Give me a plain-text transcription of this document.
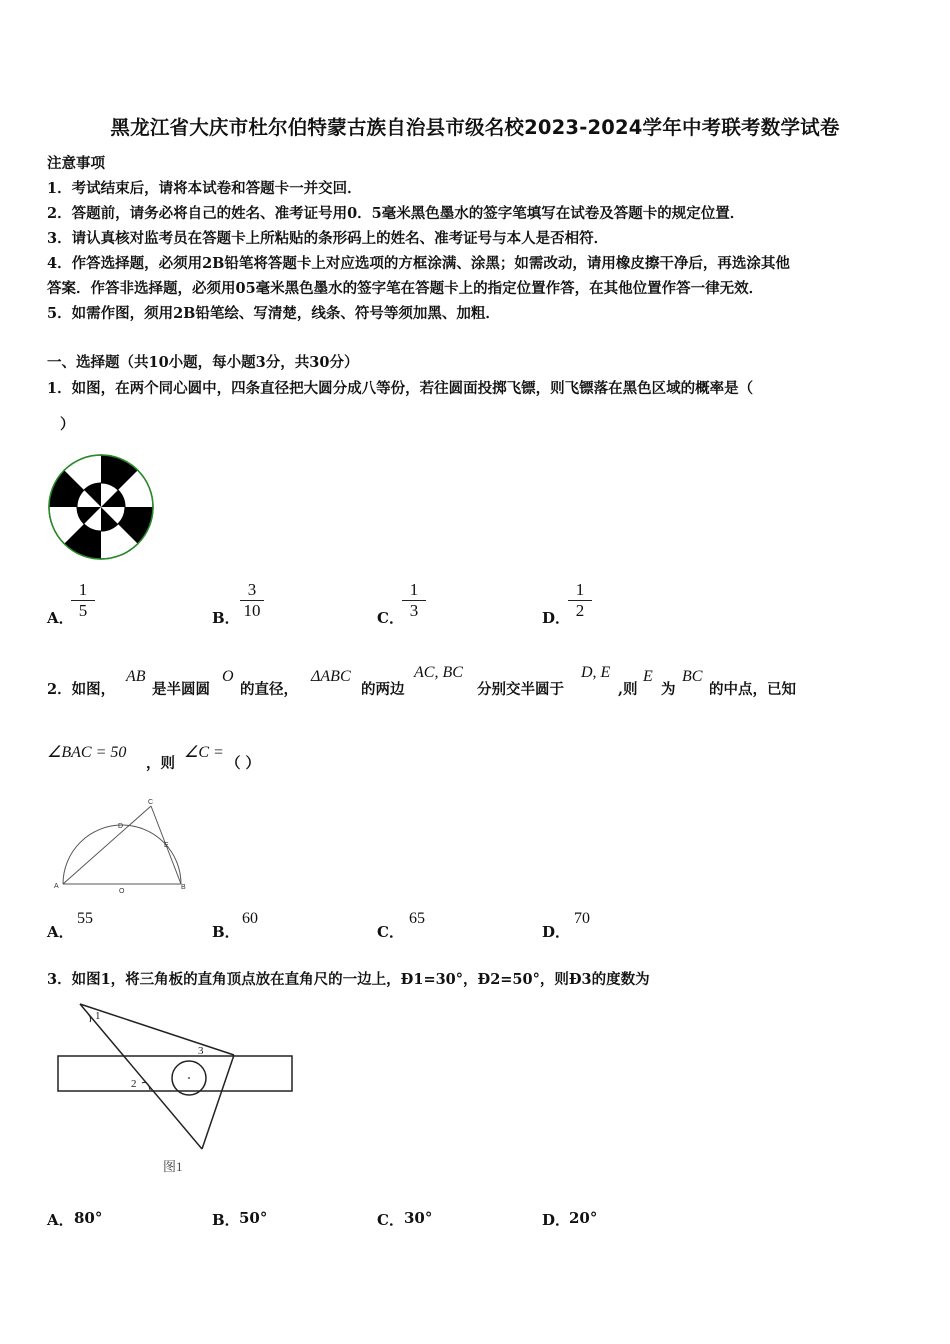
黑龙江省大庆市杜尔伯特蒙古族自治县市级名校2023-2024学年中考联考数学试卷
注意事项
1．考试结束后，请将本试卷和答题卡一并交回．
2．答题前，请务必将自己的姓名、准考证号用0．5毫米黑色墨水的签字笔填写在试卷及答题卡的规定位置．
3．请认真核对监考员在答题卡上所粘贴的条形码上的姓名、准考证号与本人是否相符．
4．作答选择题，必须用2B铅笔将答题卡上对应选项的方框涂满、涂黑；如需改动，请用橡皮擦干净后，再选涂其他
答案．作答非选择题，必须用05毫米黑色墨水的签字笔在答题卡上的指定位置作答，在其他位置作答一律无效．
5．如需作图，须用2B铅笔绘、写清楚，线条、符号等须加黑、加粗．
一、选择题（共10小题，每小题3分，共30分）
1．如图，在两个同心圆中，四条直径把大圆分成八等份，若往圆面投掷飞镖，则飞镖落在黑色区域的概率是（
）
A．
1
5	B．
3
10	C．
1
3	D．
1
2
2．如图，
AB
是半圆圆
O
的直径，
ΔABC
的两边
AC, BC
分别交半圆于
D, E
,则
E
为
BC
的中点，已知
∠BAC = 50
，则
∠C =
（ ）
A	B
C
D
E
O
A．
55
B．
60
C．
65
D．
70
3．如图1，将三角板的直角顶点放在直角尺的一边上，Ð1=30°，Ð2=50°，则Ð3的度数为
1
2
3
图1
A． 80°	B． 50°	C． 30°	D．
20°
